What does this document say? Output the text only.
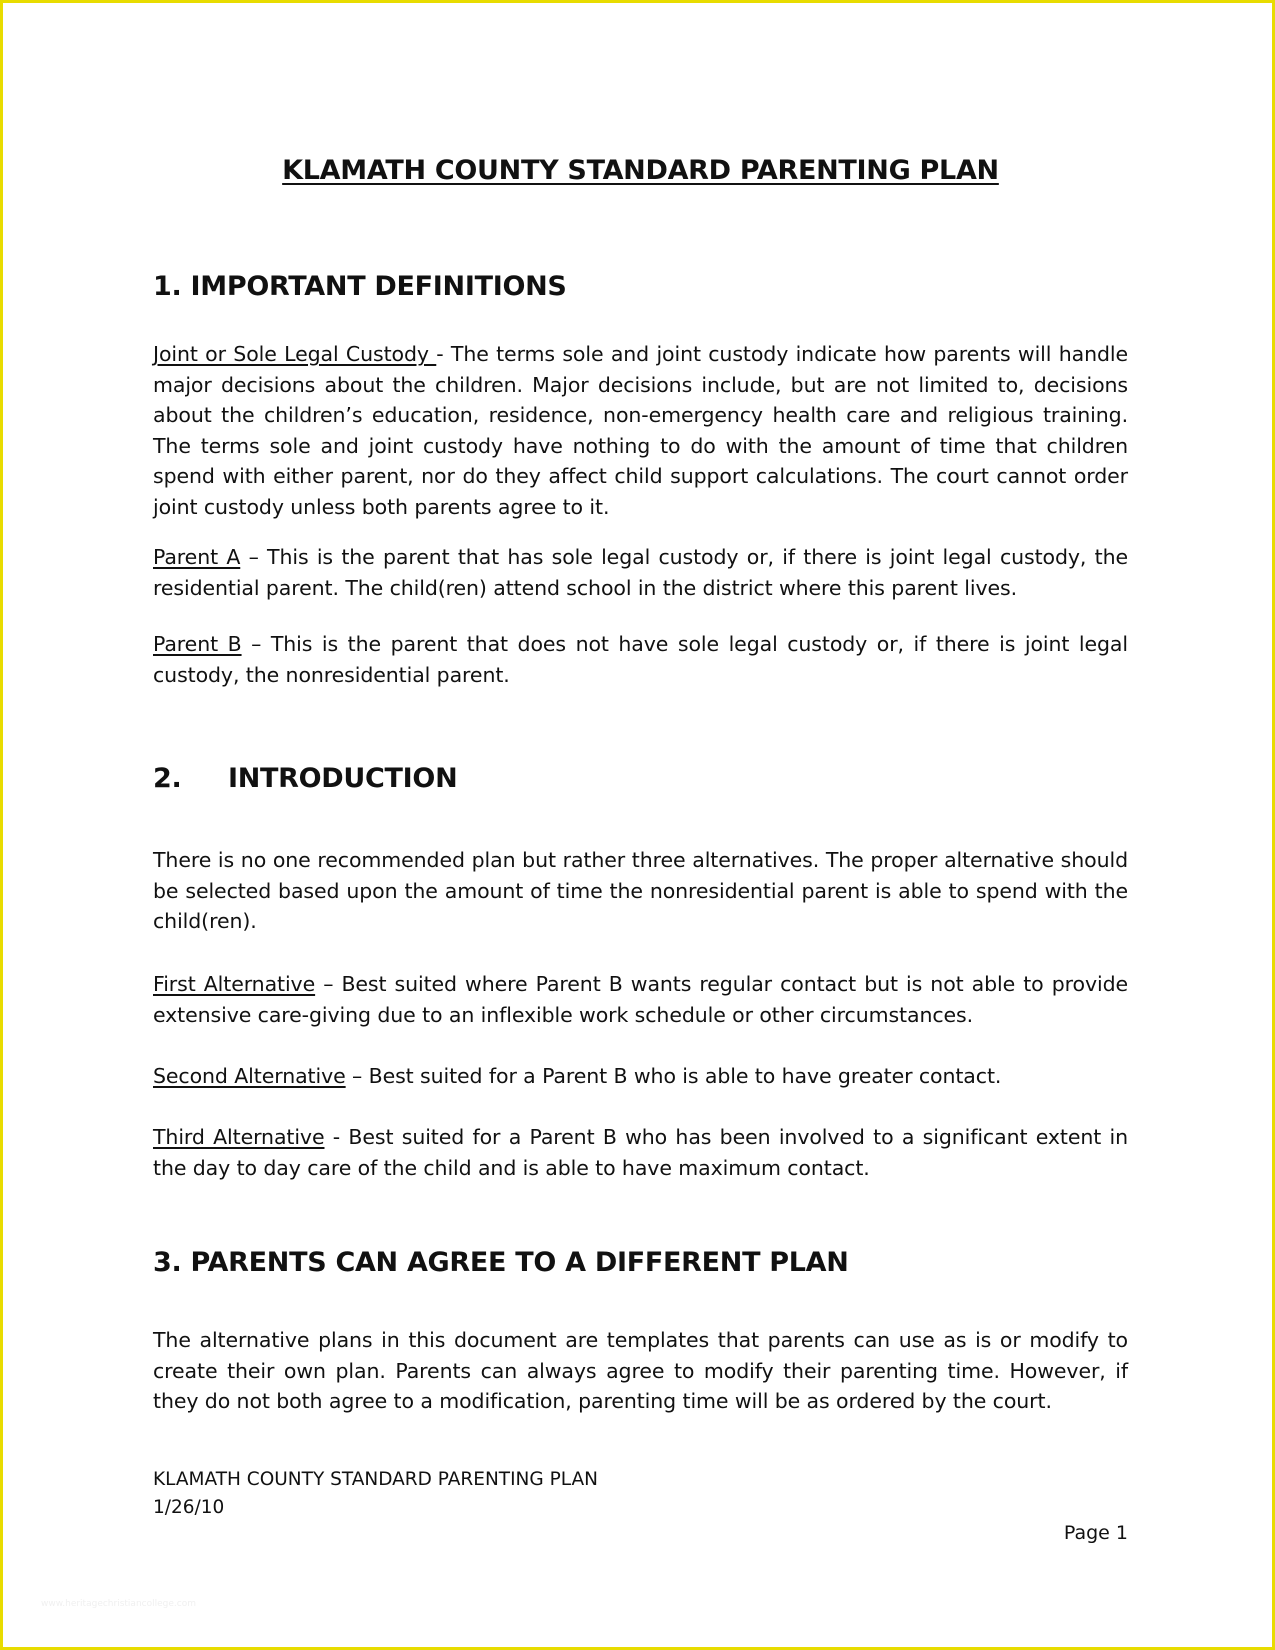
KLAMATH COUNTY STANDARD PARENTING PLAN
1. IMPORTANT DEFINITIONS

Joint or Sole Legal Custody - The terms sole and joint custody indicate how parents will handle major decisions about the children. Major decisions include, but are not limited to, decisions about the children’s education, residence, non-emergency health care and religious training. The terms sole and joint custody have nothing to do with the amount of time that children spend with either parent, nor do they affect child support calculations. The court cannot order joint custody unless both parents agree to it.

Parent A – This is the parent that has sole legal custody or, if there is joint legal custody, the residential parent. The child(ren) attend school in the district where this parent lives.

Parent B – This is the parent that does not have sole legal custody or, if there is joint legal custody, the nonresidential parent.

2. INTRODUCTION

There is no one recommended plan but rather three alternatives. The proper alternative should be selected based upon the amount of time the nonresidential parent is able to spend with the child(ren).

First Alternative – Best suited where Parent B wants regular contact but is not able to provide extensive care-giving due to an inflexible work schedule or other circumstances.

Second Alternative – Best suited for a Parent B who is able to have greater contact.

Third Alternative - Best suited for a Parent B who has been involved to a significant extent in the day to day care of the child and is able to have maximum contact.

3. PARENTS CAN AGREE TO A DIFFERENT PLAN

The alternative plans in this document are templates that parents can use as is or modify to create their own plan. Parents can always agree to modify their parenting time. However, if they do not both agree to a modification, parenting time will be as ordered by the court.

KLAMATH COUNTY STANDARD PARENTING PLAN

1/26/10

Page 1

www.heritagechristiancollege.com
